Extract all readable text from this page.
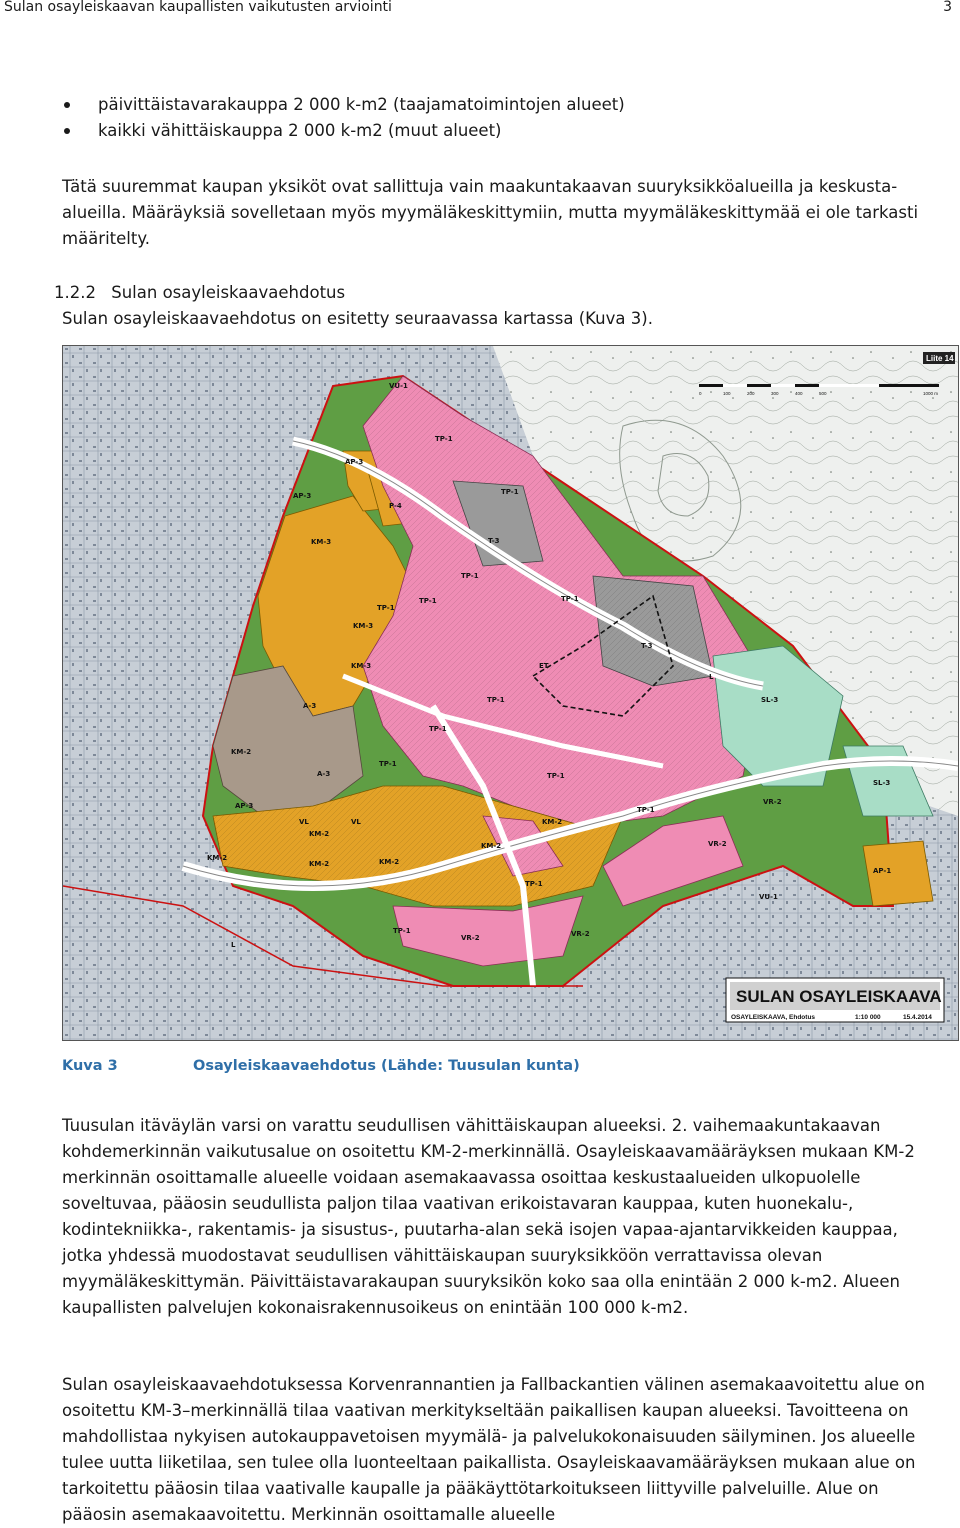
Sulan osayleiskaavan kaupallisten vaikutusten arviointi	3
päivittäistavarakauppa 2 000 k-m2 (taajamatoimintojen alueet)
kaikki vähittäiskauppa 2 000 k-m2 (muut alueet)

Tätä suuremmat kaupan yksiköt ovat sallittuja vain maakuntakaavan suuryksikköalueilla ja keskusta-alueilla. Määräyksiä sovelletaan myös myymäläkeskittymiin, mutta myymäläkeskittymää ei ole tarkasti määritelty.

1.2.2 Sulan osayleiskaavaehdotus
Sulan osayleiskaavaehdotus on esitetty seuraavassa kartassa (Kuva 3).
VU-1
TP-1
TP-1
AP-3
AP-3
P-4
T-3
KM-3
TP-1
TP-1
TP-1
TP-1
KM-3
KM-3
T-3
ET
L
A-3
TP-1	SL-3
TP-1
KM-2
A-3
TP-1
TP-1
SL-3
AP-3	TP-1
VR-2
VL	VL
KM-2
KM-2
KM-2	VR-2
KM-2
KM-2	KM-2
TP-1
AP-1
VU-1
TP-1
VR-2	VR-2
L
Liite 14
0	100	200	300	400	500	1000 m
SULAN OSAYLEISKAAVA
OSAYLEISKAAVA, Ehdotus	1:10 000	15.4.2014
Kuva 3	Osayleiskaavaehdotus (Lähde: Tuusulan kunta)

Tuusulan itäväylän varsi on varattu seudullisen vähittäiskaupan alueeksi. 2. vaihemaakuntakaavan kohdemerkinnän vaikutusalue on osoitettu KM-2-merkinnällä. Osayleiskaavamääräyksen mukaan KM-2 merkinnän osoittamalle alueelle voidaan asemakaavassa osoittaa keskustaalueiden ulkopuolelle soveltuvaa, pääosin seudullista paljon tilaa vaativan erikoistavaran kauppaa, kuten huonekalu-, kodintekniikka-, rakentamis- ja sisustus-, puutarha-alan sekä isojen vapaa-ajantarvikkeiden kauppaa, jotka yhdessä muodostavat seudullisen vähittäiskaupan suuryksikköön verrattavissa olevan myymäläkeskittymän. Päivittäistavarakaupan suuryksikön koko saa olla enintään 2 000 k-m2. Alueen kaupallisten palvelujen kokonaisrakennusoikeus on enintään 100 000 k-m2.

Sulan osayleiskaavaehdotuksessa Korvenrannantien ja Fallbackantien välinen asemakaavoitettu alue on osoitettu KM-3–merkinnällä tilaa vaativan merkitykseltään paikallisen kaupan alueeksi. Tavoitteena on mahdollistaa nykyisen autokauppavetoisen myymälä- ja palvelukokonaisuuden säilyminen. Jos alueelle tulee uutta liiketilaa, sen tulee olla luonteeltaan paikallista. Osayleiskaavamääräyksen mukaan alue on tarkoitettu pääosin tilaa vaativalle kaupalle ja pääkäyttötarkoitukseen liittyville palveluille. Alue on pääosin asemakaavoitettu. Merkinnän osoittamalle alueelle
